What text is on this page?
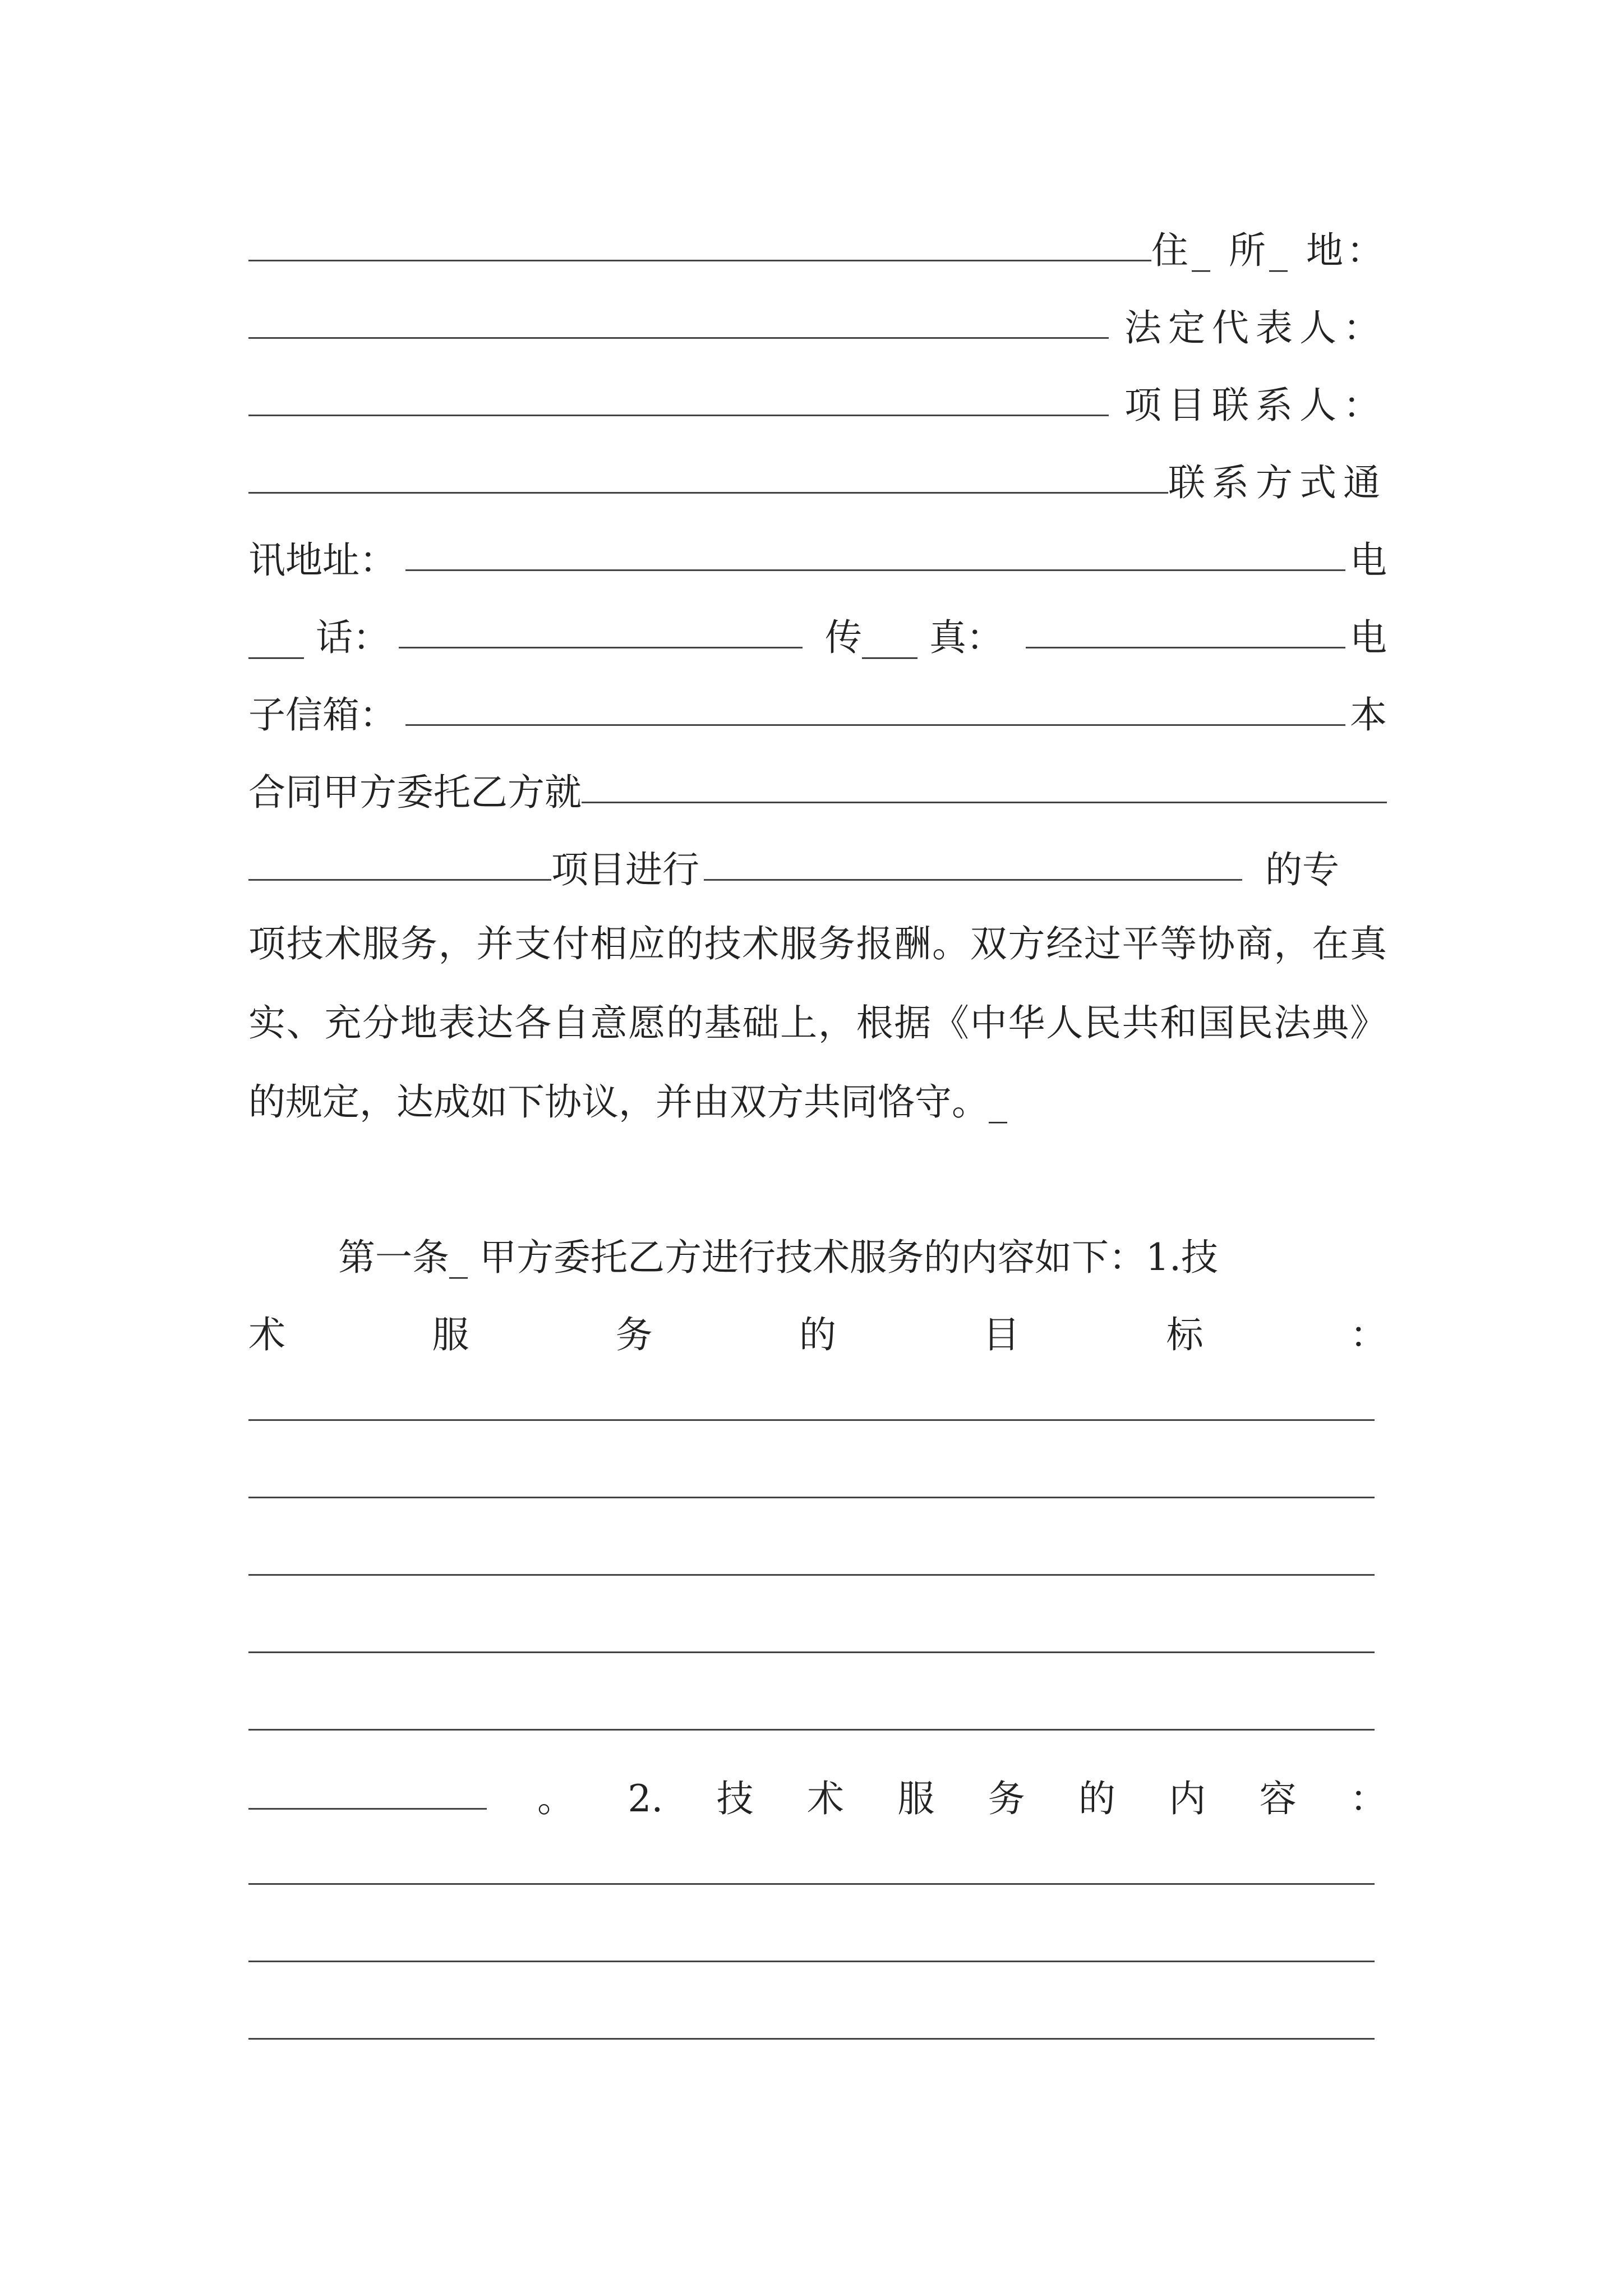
住_ 所_ 地：
法定代表人：
项目联系人：
联系方式通
讯地址：	电
___ 话：	传___ 真：	电
子信箱：	本
合同甲方委托乙方就
项目进行	的专
项技术服务，并支付相应的技术服务报酬。双方经过平等协商，在真实、充分地表达各自意愿的基础上，根据《中华人民共和国民法典》的规定，达成如下协议，并由双方共同恪守。_
第一条_ 甲方委托乙方进行技术服务的内容如下：1.技
术	服	务	的	目	标	：
。 2. 技 术 服 务 的 内 容 ：
